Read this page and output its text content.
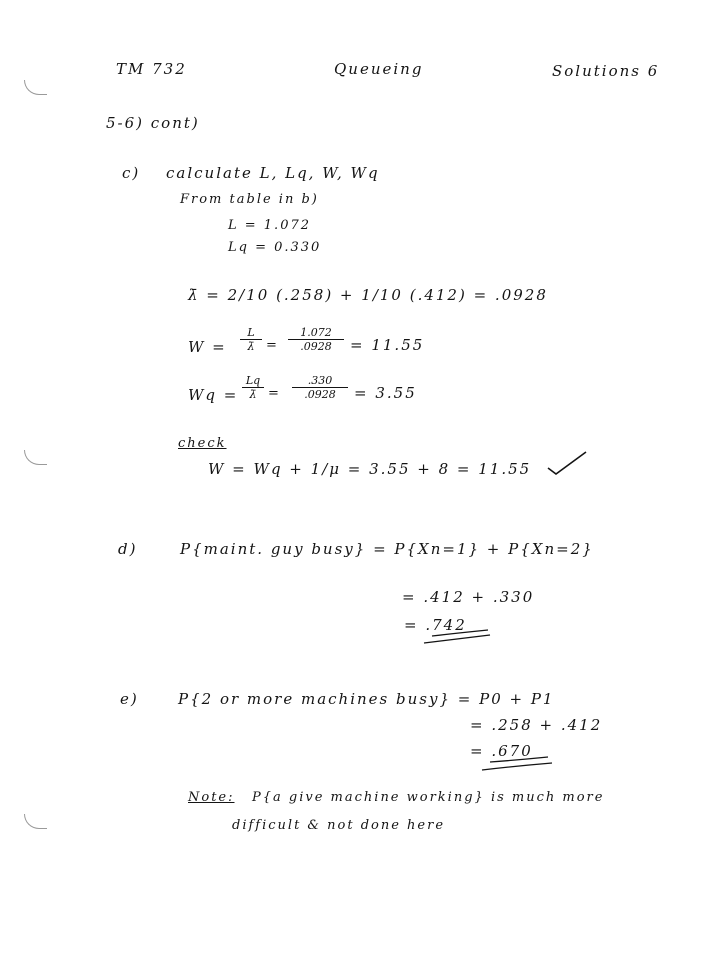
TM 732	Queueing	Solutions 6
5-6) cont)
c) calculate L, Lq, W, Wq
From table in b)
L = 1.072
Lq = 0.330
λ̄ = 2/10 (.258) + 1/10 (.412) = .0928
$W = \frac{L}{\lambdā} = \frac{1.072}{.0928} = 11.55$
$Wq = \frac{Lq}{\lambdā} = \frac{.330}{.0928} = 3.55$
check
W = Wq + 1/μ = 3.55 + 8 = 11.55
d)	P{maint. guy busy} = P{Xn=1} + P{Xn=2}
= .412 + .330
= .742
e)	P{2 or more machines busy} = P0 + P1
= .258 + .412
= .670
Note: P{a give machine working} is much more
difficult & not done here
